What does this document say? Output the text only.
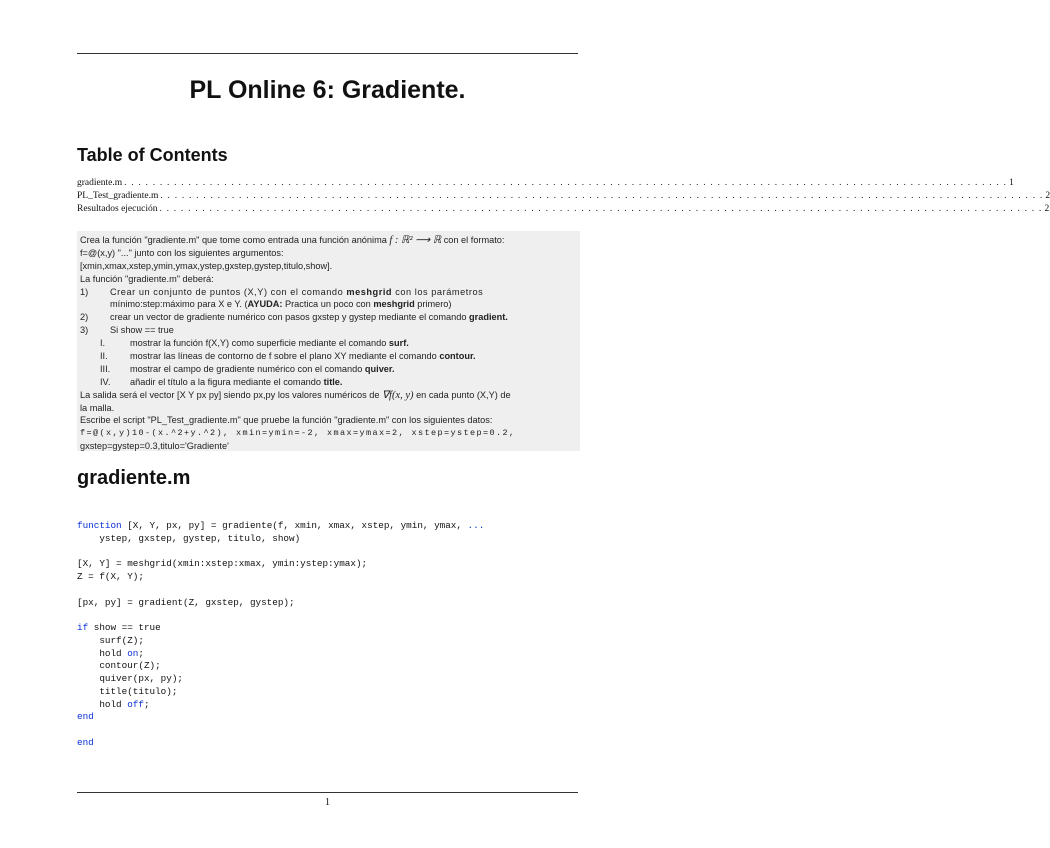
PL Online 6: Gradiente.
Table of Contents
gradiente.m . . . . . . . . . . . . . . . . . . . . . . . . . . . . . . . . . . . . . . . . . . . . . . . . . . . . . . . . . . . . . . . . . . . . . . . . . . . . . . . . . . . . . . . . . . . . . . . . . . . . . . . . . . . . . . . . . . . . . . . . . . . . 1
PL_Test_gradiente.m . . . . . . . . . . . . . . . . . . . . . . . . . . . . . . . . . . . . . . . . . . . . . . . . . . . . . . . . . . . . . . . . . . . . . . . . . . . . . . . . . . . . . . . . . . . . . . . . . . . . . . . . . . . . . . . . . . . . . . . . . . . . 2
Resultados ejecución . . . . . . . . . . . . . . . . . . . . . . . . . . . . . . . . . . . . . . . . . . . . . . . . . . . . . . . . . . . . . . . . . . . . . . . . . . . . . . . . . . . . . . . . . . . . . . . . . . . . . . . . . . . . . . . . . . . . . . . . . . . . 2
Crea la función "gradiente.m" que tome como entrada una función anónima f : ℝ² ⟶ ℝ con el formato:
f=@(x,y) "..." junto con los siguientes argumentos:
[xmin,xmax,xstep,ymin,ymax,ystep,gxstep,gystep,titulo,show].
La función "gradiente.m" deberá:
1)	Crear un conjunto de puntos (X,Y) con el comando meshgrid con los parámetros
mínimo:step:máximo para X e Y. (AYUDA: Practica un poco con meshgrid primero)
2)	crear un vector de gradiente numérico con pasos gxstep y gystep mediante el comando gradient.
3)	Si show == true
I.	mostrar la función f(X,Y) como superficie mediante el comando surf.
II.	mostrar las líneas de contorno de f sobre el plano XY mediante el comando contour.
III.	mostrar el campo de gradiente numérico con el comando quiver.
IV.	añadir el título a la figura mediante el comando title.
La salida será el vector [X Y px py] siendo px,py los valores numéricos de ∇f(x, y) en cada punto (X,Y) de
la malla.
Escribe el script "PL_Test_gradiente.m" que pruebe la función "gradiente.m" con los siguientes datos:
f=@(x,y)10-(x.^2+y.^2), xmin=ymin=-2, xmax=ymax=2, xstep=ystep=0.2,
gxstep=gystep=0.3,titulo='Gradiente'
gradiente.m
function [X, Y, px, py] = gradiente(f, xmin, xmax, xstep, ymin, ymax, ...
ystep, gxstep, gystep, titulo, show)

[X, Y] = meshgrid(xmin:xstep:xmax, ymin:ystep:ymax);
Z = f(X, Y);

[px, py] = gradient(Z, gxstep, gystep);

if show == true
surf(Z);
hold on;
contour(Z);
quiver(px, py);
title(titulo);
hold off;
end

end
1
